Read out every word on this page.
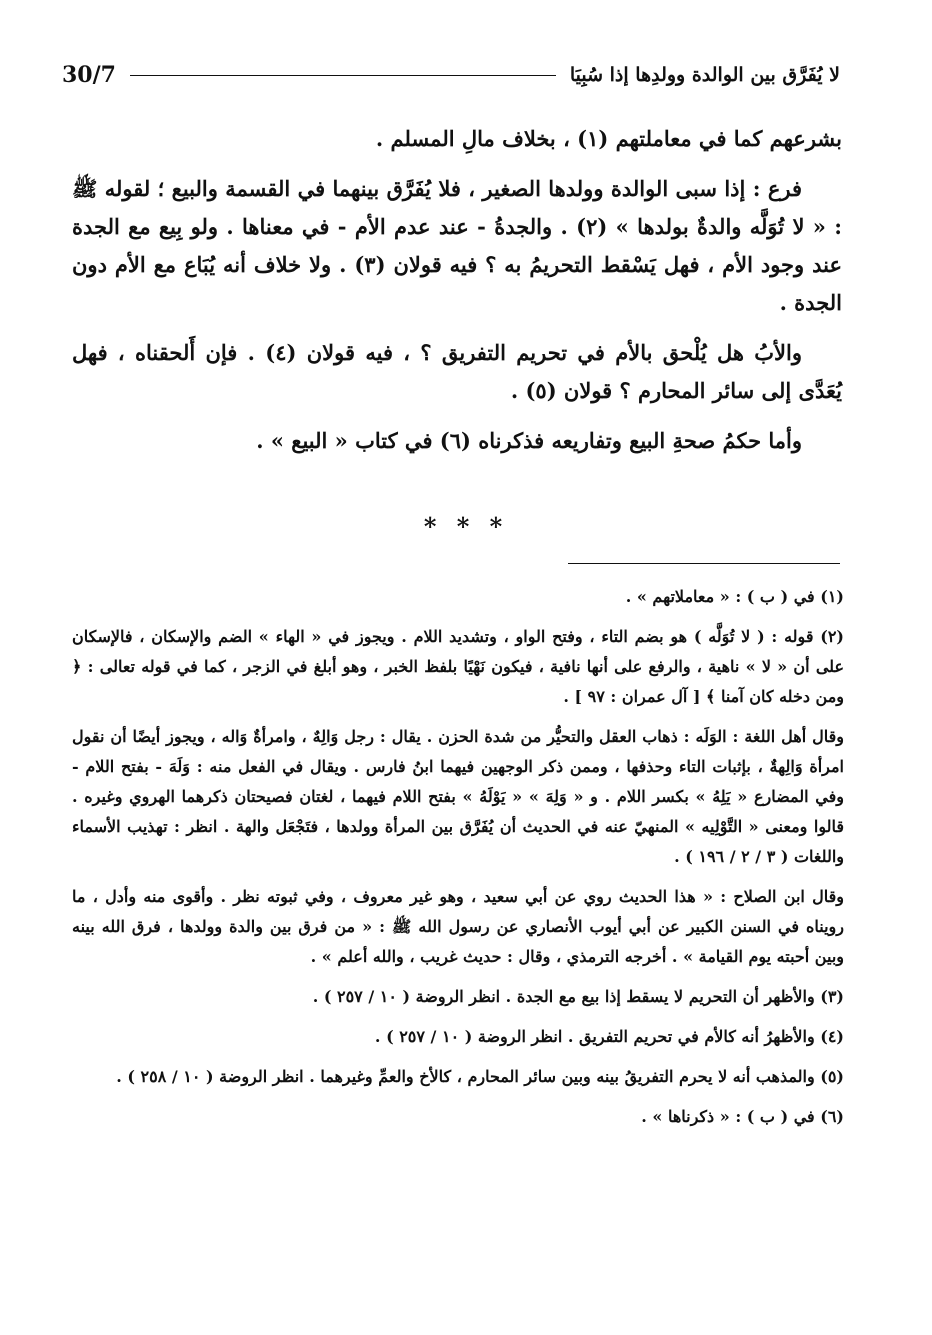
لا يُفَرَّق بين الوالدة وولدِها إذا سُبِيَا
30/7

بشرعهم كما في معاملتهم (١) ، بخلاف مالِ المسلم .

فرع : إذا سبى الوالدة وولدها الصغير ، فلا يُفَرَّق بينهما في القسمة والبيع ؛ لقوله ﷺ : « لا تُوَلَّه والدةٌ بولدها » (٢) . والجدةُ - عند عدم الأم - في معناها . ولو بِيع مع الجدة عند وجود الأم ، فهل يَسْقط التحريمُ به ؟ فيه قولان (٣) . ولا خلاف أنه يُبَاع مع الأم دون الجدة .

والأبُ هل يُلْحق بالأم في تحريم التفريق ؟ ، فيه قولان (٤) . فإن أَلحقناه ، فهل يُعَدَّى إلى سائر المحارم ؟ قولان (٥) .

وأما حكمُ صحةِ البيع وتفاريعه فذكرناه (٦) في كتاب « البيع » .

* * *

(١) في ( ب ) : « معاملاتهم » .

(٢) قوله : ( لا تُوَلَّه ) هو بضم التاء ، وفتح الواو ، وتشديد اللام . ويجوز في « الهاء » الضم والإسكان ، فالإسكان على أن « لا » ناهية ، والرفع على أنها نافية ، فيكون نَهْيًا بلفظ الخبر ، وهو أبلغ في الزجر ، كما في قوله تعالى : ﴿ ومن دخله كان آمنا ﴾ [ آل عمران : ٩٧ ] .

وقال أهل اللغة : الوَلَه : ذهاب العقل والتحيُّر من شدة الحزن . يقال : رجل وَالِهٌ ، وامرأةٌ وَاله ، ويجوز أيضًا أن نقول امرأة وَالِهةٌ ، بإثبات التاء وحذفها ، وممن ذكر الوجهين فيهما ابنُ فارس . ويقال في الفعل منه : وَلَهَ - بفتح اللام - وفي المضارع « يَلِهُ » بكسر اللام . و « وَلِهَ » « يَوْلَهُ » بفتح اللام فيهما ، لغتان فصيحتان ذكرهما الهروي وغيره . قالوا ومعنى « التَّوْلِيه » المنهيّ عنه في الحديث أن يُفَرَّق بين المرأة وولدها ، فتَجْعَل والهة . انظر : تهذيب الأسماء واللغات ( ٣ / ٢ / ١٩٦ ) .

وقال ابن الصلاح : « هذا الحديث روي عن أبي سعيد ، وهو غير معروف ، وفي ثبوته نظر . وأقوى منه وأدل ، ما رويناه في السنن الكبير عن أبي أيوب الأنصاري عن رسول الله ﷺ : « من فرق بين والدة وولدها ، فرق الله بينه وبين أحبته يوم القيامة » . أخرجه الترمذي ، وقال : حديث غريب ، والله أعلم » .

(٣) والأظهر أن التحريم لا يسقط إذا بيع مع الجدة . انظر الروضة ( ١٠ / ٢٥٧ ) .

(٤) والأظهرُ أنه كالأم في تحريم التفريق . انظر الروضة ( ١٠ / ٢٥٧ ) .

(٥) والمذهب أنه لا يحرم التفريقُ بينه وبين سائر المحارم ، كالأخ والعمِّ وغيرهما . انظر الروضة ( ١٠ / ٢٥٨ ) .

(٦) في ( ب ) : « ذكرناها » .
